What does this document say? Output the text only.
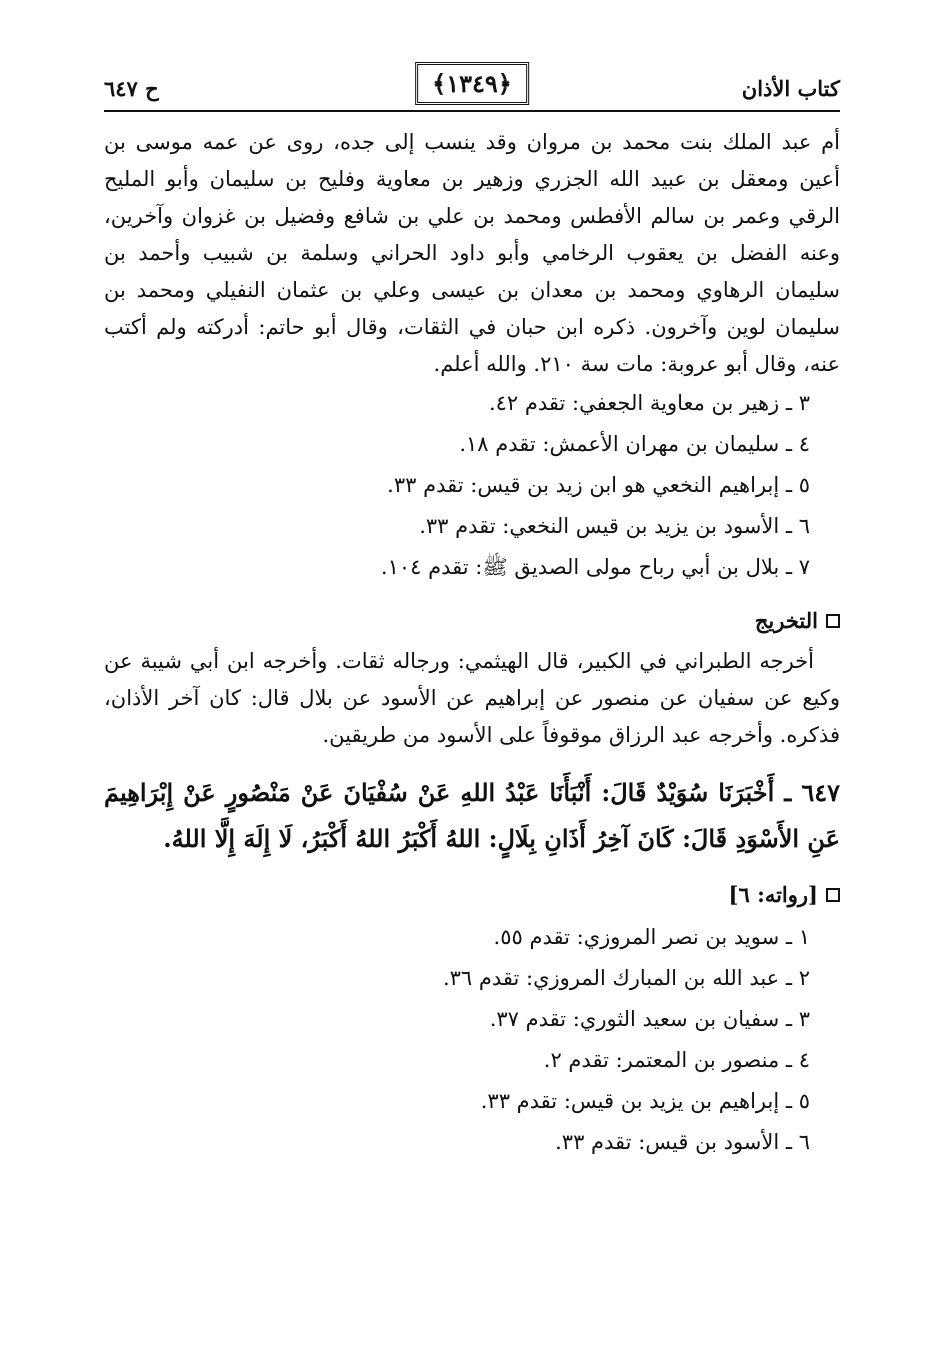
كتاب الأذان
﴿١٣٤٩﴾
ح ٦٤٧

أم عبد الملك بنت محمد بن مروان وقد ينسب إلى جده، روى عن عمه موسى بن أعين ومعقل بن عبيد الله الجزري وزهير بن معاوية وفليح بن سليمان وأبو المليح الرقي وعمر بن سالم الأفطس ومحمد بن علي بن شافع وفضيل بن غزوان وآخرين، وعنه الفضل بن يعقوب الرخامي وأبو داود الحراني وسلمة بن شبيب وأحمد بن سليمان الرهاوي ومحمد بن معدان بن عيسى وعلي بن عثمان النفيلي ومحمد بن سليمان لوين وآخرون. ذكره ابن حبان في الثقات، وقال أبو حاتم: أدركته ولم أكتب عنه، وقال أبو عروبة: مات سة ٢١٠. والله أعلم.

٣ ـ زهير بن معاوية الجعفي: تقدم ٤٢.

٤ ـ سليمان بن مهران الأعمش: تقدم ١٨.

٥ ـ إبراهيم النخعي هو ابن زيد بن قيس: تقدم ٣٣.

٦ ـ الأسود بن يزيد بن قيس النخعي: تقدم ٣٣.

٧ ـ بلال بن أبي رباح مولى الصديق ﷺ: تقدم ١٠٤.

التخريج

أخرجه الطبراني في الكبير، قال الهيثمي: ورجاله ثقات. وأخرجه ابن أبي شيبة عن وكيع عن سفيان عن منصور عن إبراهيم عن الأسود عن بلال قال: كان آخر الأذان، فذكره. وأخرجه عبد الرزاق موقوفاً على الأسود من طريقين.

٦٤٧ ـ أَخْبَرَنَا سُوَيْدٌ قَالَ: أَنْبَأَنَا عَبْدُ اللهِ عَنْ سُفْيَانَ عَنْ مَنْصُورٍ عَنْ إِبْرَاهِيمَ عَنِ الأَسْوَدِ قَالَ: كَانَ آخِرُ أَذَانِ بِلَالٍ: اللهُ أَكْبَرُ اللهُ أَكْبَرُ، لَا إِلَهَ إِلَّا اللهُ.

[رواته: ٦]

١ ـ سويد بن نصر المروزي: تقدم ٥٥.

٢ ـ عبد الله بن المبارك المروزي: تقدم ٣٦.

٣ ـ سفيان بن سعيد الثوري: تقدم ٣٧.

٤ ـ منصور بن المعتمر: تقدم ٢.

٥ ـ إبراهيم بن يزيد بن قيس: تقدم ٣٣.

٦ ـ الأسود بن قيس: تقدم ٣٣.
